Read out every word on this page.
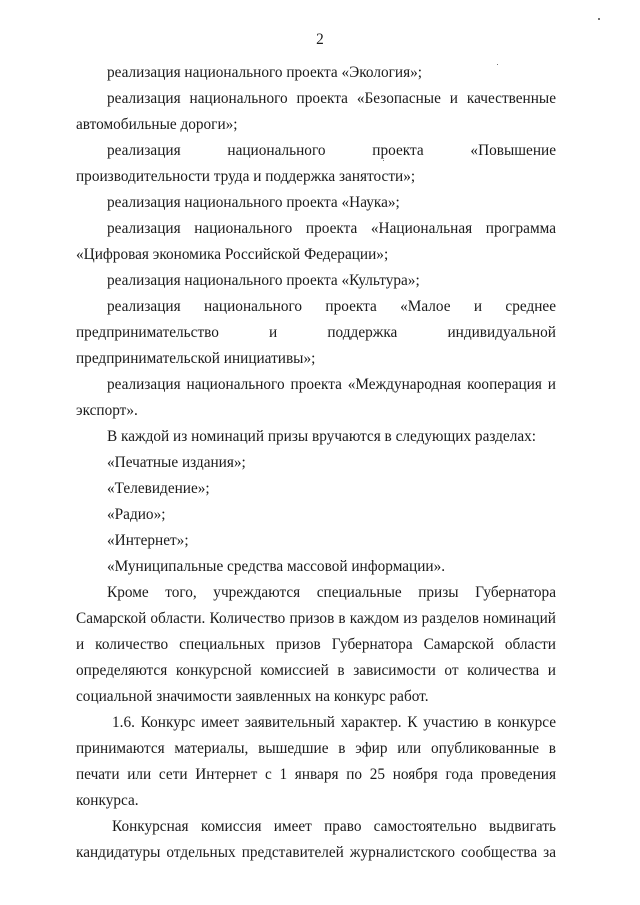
2

реализация национального проекта «Экология»;

реализация национального проекта «Безопасные и качественные автомобильные дороги»;

реализация национального проекта «Повышение производительности труда и поддержка занятости»;

реализация национального проекта «Наука»;

реализация национального проекта «Национальная программа «Цифровая экономика Российской Федерации»;

реализация национального проекта «Культура»;

реализация национального проекта «Малое и среднее предпринимательство и поддержка индивидуальной предпринимательской инициативы»;

реализация национального проекта «Международная кооперация и экспорт».

В каждой из номинаций призы вручаются в следующих разделах:

«Печатные издания»;

«Телевидение»;

«Радио»;

«Интернет»;

«Муниципальные средства массовой информации».

Кроме того, учреждаются специальные призы Губернатора Самарской области. Количество призов в каждом из разделов номинаций и количество специальных призов Губернатора Самарской области определяются конкурсной комиссией в зависимости от количества и социальной значимости заявленных на конкурс работ.

1.6. Конкурс имеет заявительный характер. К участию в конкурсе принимаются материалы, вышедшие в эфир или опубликованные в печати или сети Интернет с 1 января по 25 ноября года проведения конкурса.

Конкурсная комиссия имеет право самостоятельно выдвигать кандидатуры отдельных представителей журналистского сообщества за
